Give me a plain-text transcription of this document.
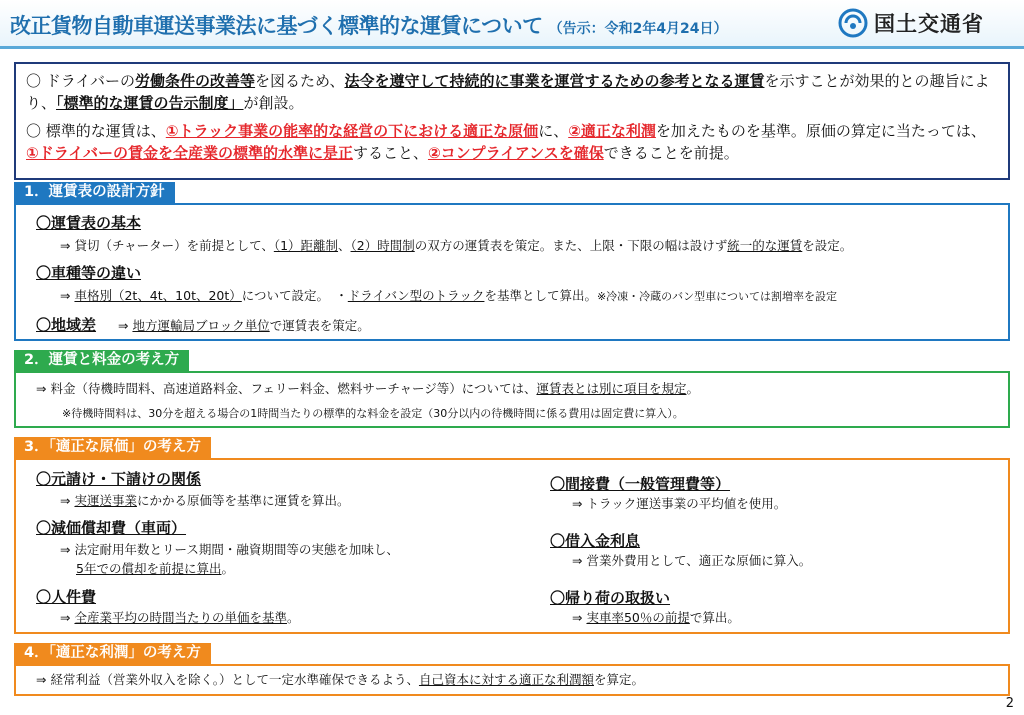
改正貨物自動車運送事業法に基づく標準的な運賃について （告示：令和2年4月24日）	国土交通省

〇 ドライバーの労働条件の改善等を図るため、法令を遵守して持続的に事業を運営するための参考となる運賃を示すことが効果的との趣旨により、「標準的な運賃の告示制度」が創設。

〇 標準的な運賃は、①トラック事業の能率的な経営の下における適正な原価に、②適正な利潤を加えたものを基準。原価の算定に当たっては、①ドライバーの賃金を全産業の標準的水準に是正すること、②コンプライアンスを確保できることを前提。

1．運賃表の設計方針
〇運賃表の基本
⇒ 貸切（チャーター）を前提として、（1）距離制、（2）時間制の双方の運賃表を策定。また、上限・下限の幅は設けず統一的な運賃を設定。
〇車種等の違い
⇒ 車格別（2t、4t、10t、20t）について設定。　・ドライバン型のトラックを基準として算出。※冷凍・冷蔵のバン型車については割増率を設定
〇地域差 ⇒ 地方運輸局ブロック単位で運賃表を策定。
2．運賃と料金の考え方
⇒ 料金（待機時間料、高速道路料金、フェリー料金、燃料サーチャージ等）については、運賃表とは別に項目を規定。
※待機時間料は、30分を超える場合の1時間当たりの標準的な料金を設定（30分以内の待機時間に係る費用は固定費に算入）。
3．「適正な原価」の考え方
〇元請け・下請けの関係
⇒ 実運送事業にかかる原価等を基準に運賃を算出。
〇減価償却費（車両）
⇒ 法定耐用年数とリース期間・融資期間等の実態を加味し、
5年での償却を前提に算出。
〇人件費
⇒ 全産業平均の時間当たりの単価を基準。
〇間接費（一般管理費等）
⇒ トラック運送事業の平均値を使用。
〇借入金利息
⇒ 営業外費用として、適正な原価に算入。
〇帰り荷の取扱い
⇒ 実車率50％の前提で算出。
4．「適正な利潤」の考え方
⇒ 経常利益（営業外収入を除く。）として一定水準確保できるよう、自己資本に対する適正な利潤額を算定。
2
